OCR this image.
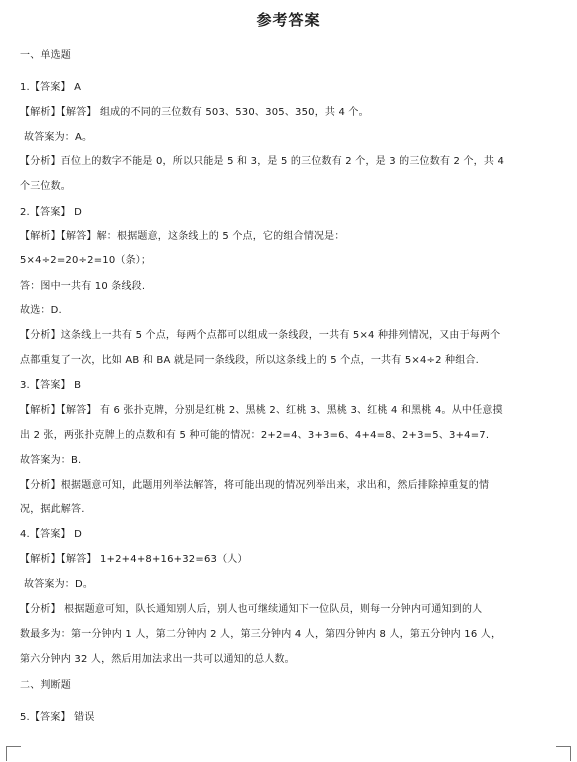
参考答案
一、单选题
1.【答案】 A
【解析】【解答】 组成的不同的三位数有 503、530、305、350，共 4 个。
故答案为：A。
【分析】百位上的数字不能是 0，所以只能是 5 和 3，是 5 的三位数有 2 个，是 3 的三位数有 2 个，共 4
个三位数。
2.【答案】 D
【解析】【解答】解：根据题意，这条线上的 5 个点，它的组合情况是：
5×4÷2=20÷2=10（条）；
答：图中一共有 10 条线段.
故选：D.
【分析】这条线上一共有 5 个点，每两个点都可以组成一条线段，一共有 5×4 种排列情况，又由于每两个
点都重复了一次，比如 AB 和 BA 就是同一条线段，所以这条线上的 5 个点，一共有 5×4÷2 种组合.
3.【答案】 B
【解析】【解答】 有 6 张扑克牌，分别是红桃 2、黑桃 2、红桃 3、黑桃 3、红桃 4 和黑桃 4。从中任意摸
出 2 张，两张扑克牌上的点数和有 5 种可能的情况：2+2=4、3+3=6、4+4=8、2+3=5、3+4=7.
故答案为：B.
【分析】根据题意可知，此题用列举法解答，将可能出现的情况列举出来，求出和，然后排除掉重复的情
况，据此解答.
4.【答案】 D
【解析】【解答】 1+2+4+8+16+32=63（人）
故答案为：D。
【分析】 根据题意可知，队长通知别人后，别人也可继续通知下一位队员，则每一分钟内可通知到的人
数最多为：第一分钟内 1 人，第二分钟内 2 人，第三分钟内 4 人，第四分钟内 8 人，第五分钟内 16 人，
第六分钟内 32 人，然后用加法求出一共可以通知的总人数。
二、判断题
5.【答案】 错误
